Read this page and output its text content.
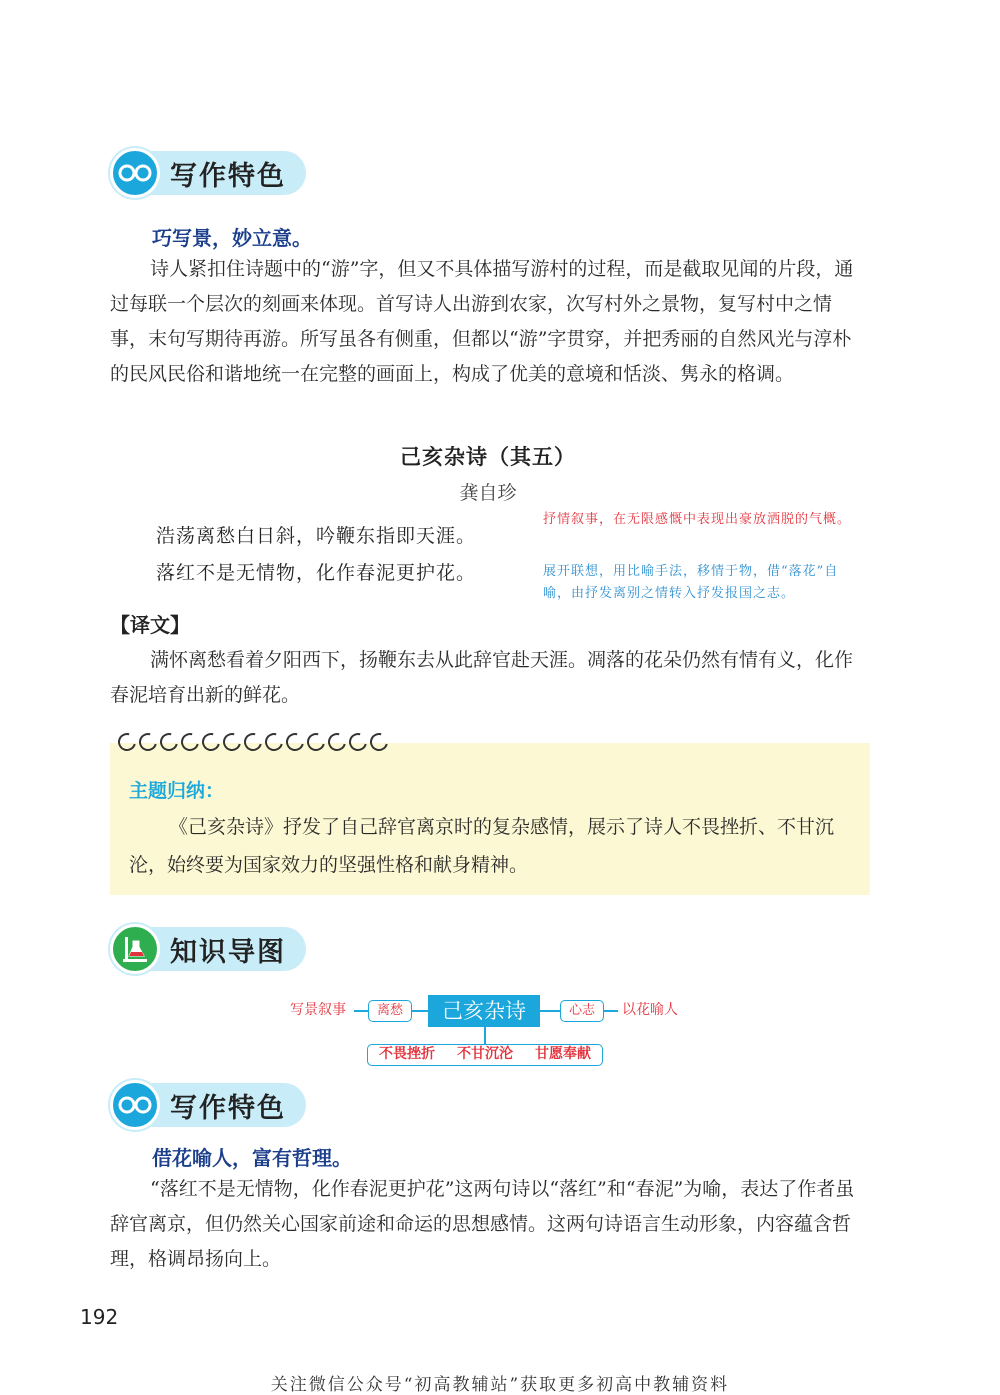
写作特色
巧写景，妙立意。

诗人紧扣住诗题中的“游”字，但又不具体描写游村的过程，而是截取见闻的片段，通过每联一个层次的刻画来体现。首写诗人出游到农家，次写村外之景物，复写村中之情事，末句写期待再游。所写虽各有侧重，但都以“游”字贯穿，并把秀丽的自然风光与淳朴的民风民俗和谐地统一在完整的画面上，构成了优美的意境和恬淡、隽永的格调。

己亥杂诗（其五）
龚自珍
浩荡离愁白日斜，吟鞭东指即天涯。
落红不是无情物，化作春泥更护花。
抒情叙事，在无限感慨中表现出豪放洒脱的气概。
展开联想，用比喻手法，移情于物，借“落花”自喻，由抒发离别之情转入抒发报国之志。
【译文】

满怀离愁看着夕阳西下，扬鞭东去从此辞官赴天涯。凋落的花朵仍然有情有义，化作春泥培育出新的鲜花。

主题归纳：

《己亥杂诗》抒发了自己辞官离京时的复杂感情，展示了诗人不畏挫折、不甘沉沦，始终要为国家效力的坚强性格和献身精神。

知识导图
写景叙事	离愁	己亥杂诗	心志	以花喻人
不畏挫折 不甘沉沦 甘愿奉献
写作特色
借花喻人，富有哲理。

“落红不是无情物，化作春泥更护花”这两句诗以“落红”和“春泥”为喻，表达了作者虽辞官离京，但仍然关心国家前途和命运的思想感情。这两句诗语言生动形象，内容蕴含哲理，格调昂扬向上。

192
关注微信公众号“初高教辅站”获取更多初高中教辅资料
